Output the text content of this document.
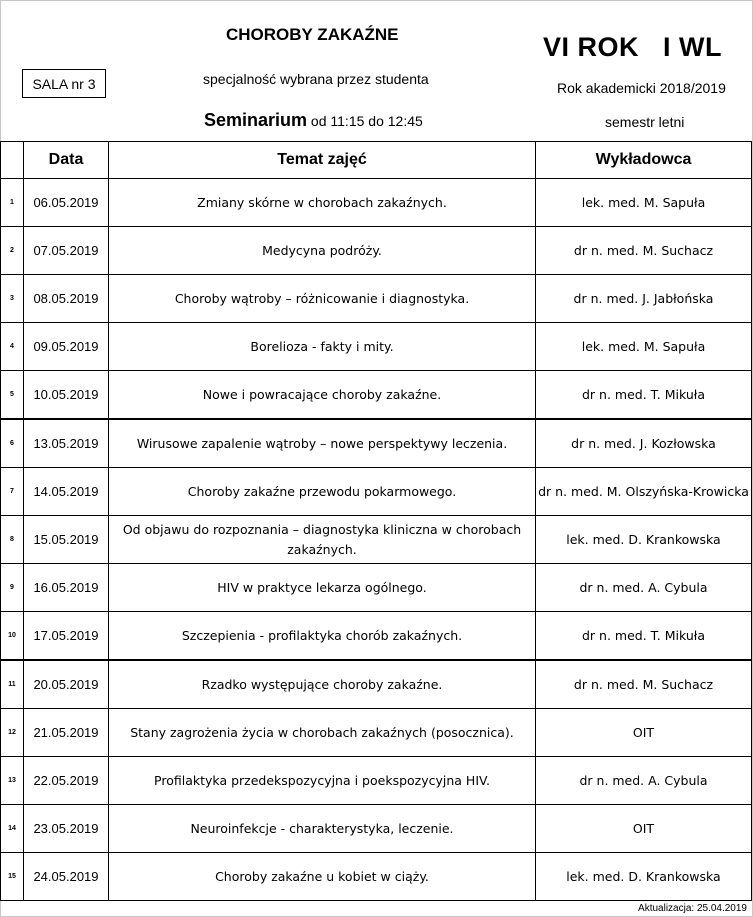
CHOROBY ZAKAŹNE
SALA nr 3	specjalność wybrana przez studenta
Seminarium od 11:15 do 12:45
VI ROK   I WL
Rok akademicki 2018/2019
semestr letni
	Data	Temat zajęć	Wykładowca
1	06.05.2019	Zmiany skórne w chorobach zakaźnych.	lek. med. M. Sapuła
2	07.05.2019	Medycyna podróży.	dr n. med. M. Suchacz
3	08.05.2019	Choroby wątroby – różnicowanie i diagnostyka.	dr n. med. J. Jabłońska
4	09.05.2019	Borelioza - fakty i mity.	lek. med. M. Sapuła
5	10.05.2019	Nowe i powracające choroby zakaźne.	dr n. med. T. Mikuła
6	13.05.2019	Wirusowe zapalenie wątroby – nowe perspektywy leczenia.	dr n. med. J. Kozłowska
7	14.05.2019	Choroby zakaźne przewodu pokarmowego.	dr n. med. M. Olszyńska-Krowicka
8	15.05.2019	Od objawu do rozpoznania – diagnostyka kliniczna w chorobach zakaźnych.	lek. med. D. Krankowska
9	16.05.2019	HIV w praktyce lekarza ogólnego.	dr n. med. A. Cybula
10	17.05.2019	Szczepienia - profilaktyka chorób zakaźnych.	dr n. med. T. Mikuła
11	20.05.2019	Rzadko występujące choroby zakaźne.	dr n. med. M. Suchacz
12	21.05.2019	Stany zagrożenia życia w chorobach zakaźnych (posocznica).	OIT
13	22.05.2019	Profilaktyka przedekspozycyjna i poekspozycyjna HIV.	dr n. med. A. Cybula
14	23.05.2019	Neuroinfekcje - charakterystyka, leczenie.	OIT
15	24.05.2019	Choroby zakaźne u kobiet w ciąży.	lek. med. D. Krankowska
Aktualizacja: 25.04.2019
